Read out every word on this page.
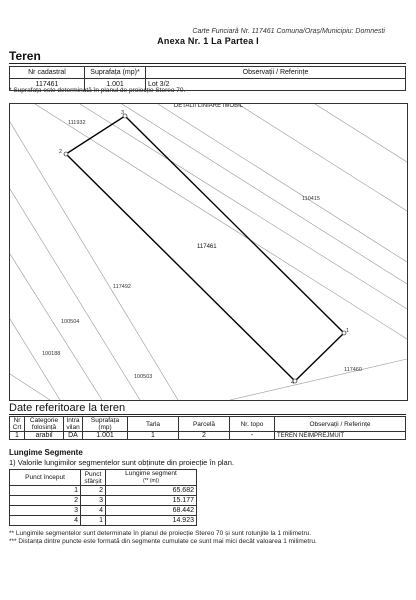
Carte Funciară Nr. 117461 Comuna/Oraș/Municipiu: Domnesti
Anexa Nr. 1 La Partea I
Teren
Nr cadastral	Suprafața (mp)*	Observații / Referințe
117461	1.001	Lot 3/2
* Suprafața este determinată în planul de proiecție Stereo 70.
DETALII LINIARE IMOBIL
3
1
4
2
111932
110415
117461
117492
100504
100188
100503
117460
Date referitoare la teren
Nr Crt	Categorie folosință	Intra vilan	Suprafața (mp)	Tarla	Parcelă	Nr. topo	Observații / Referințe
1	arabil	DA	1.001	1	2	-	TEREN NEIMPREJMUIT
Lungime Segmente
1) Valorile lungimilor segmentelor sunt obținute din proiecție în plan.
Punct început	Punct sfârșit	Lungime segment
(** (m))
1	2	65.682
2	3	15.177
3	4	68.442
4	1	14.923
** Lungimile segmentelor sunt determinate în planul de proiecție Stereo 70 și sunt rotunjite la 1 milimetru.
*** Distanța dintre puncte este formată din segmente cumulate ce sunt mai mici decât valoarea 1 milimetru.
